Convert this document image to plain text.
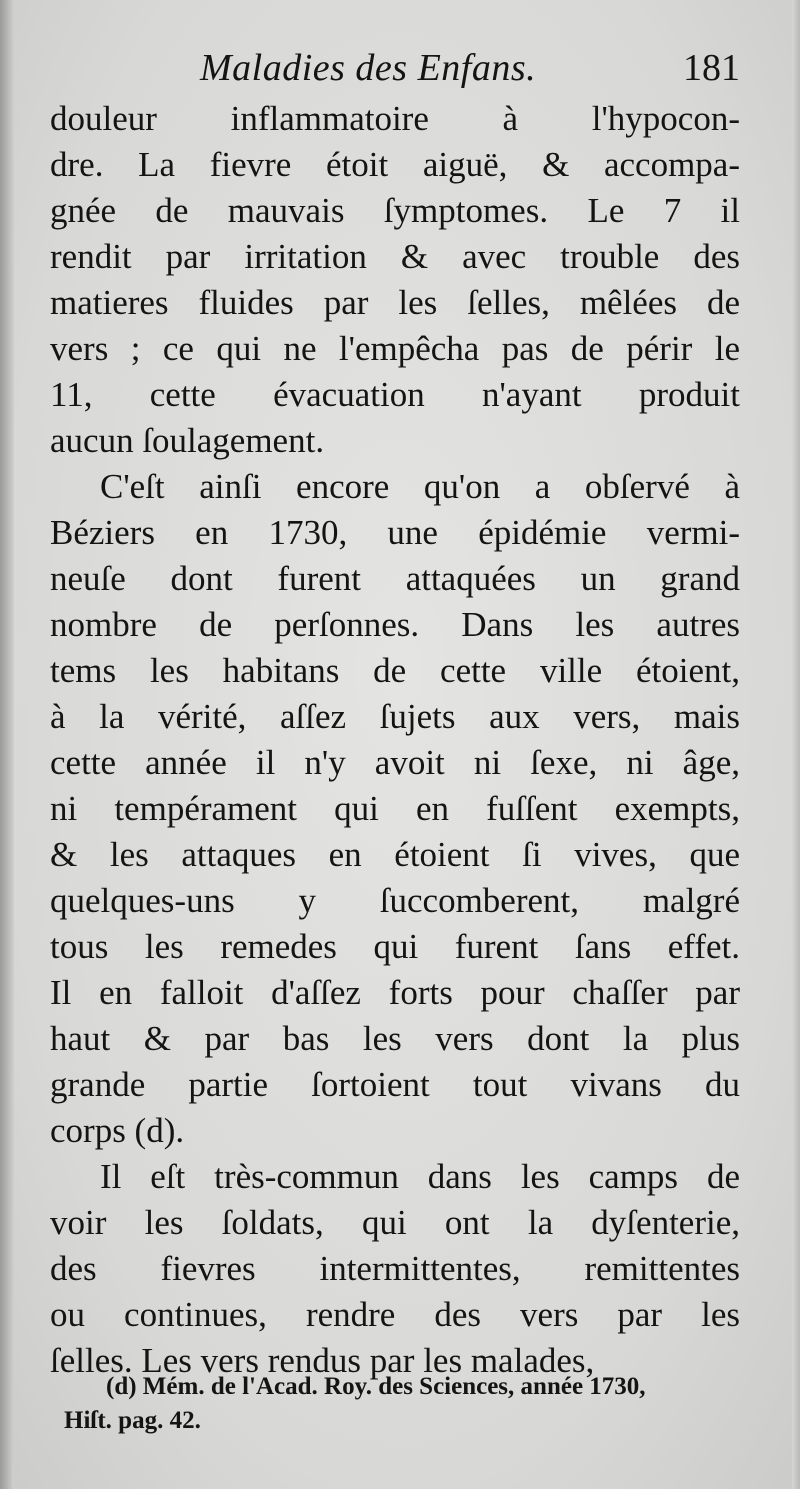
Maladies des Enfans.	181
douleur inflammatoire à l'hypocon-
dre. La fievre étoit aiguë, & accompa-
gnée de mauvais ſymptomes. Le 7 il
rendit par irritation & avec trouble des
matieres fluides par les ſelles, mêlées de
vers ; ce qui ne l'empêcha pas de périr le
11, cette évacuation n'ayant produit
aucun ſoulagement.
C'eſt ainſi encore qu'on a obſervé à
Béziers en 1730, une épidémie vermi-
neuſe dont furent attaquées un grand
nombre de perſonnes. Dans les autres
tems les habitans de cette ville étoient,
à la vérité, aſſez ſujets aux vers, mais
cette année il n'y avoit ni ſexe, ni âge,
ni tempérament qui en fuſſent exempts,
& les attaques en étoient ſi vives, que
quelques-uns y ſuccomberent, malgré
tous les remedes qui furent ſans effet.
Il en falloit d'aſſez forts pour chaſſer par
haut & par bas les vers dont la plus
grande partie ſortoient tout vivans du
corps (d).
Il eſt très-commun dans les camps de
voir les ſoldats, qui ont la dyſenterie,
des fievres intermittentes, remittentes
ou continues, rendre des vers par les
ſelles. Les vers rendus par les malades,
(d) Mém. de l'Acad. Roy. des Sciences, année 1730,
Hiſt. pag. 42.
